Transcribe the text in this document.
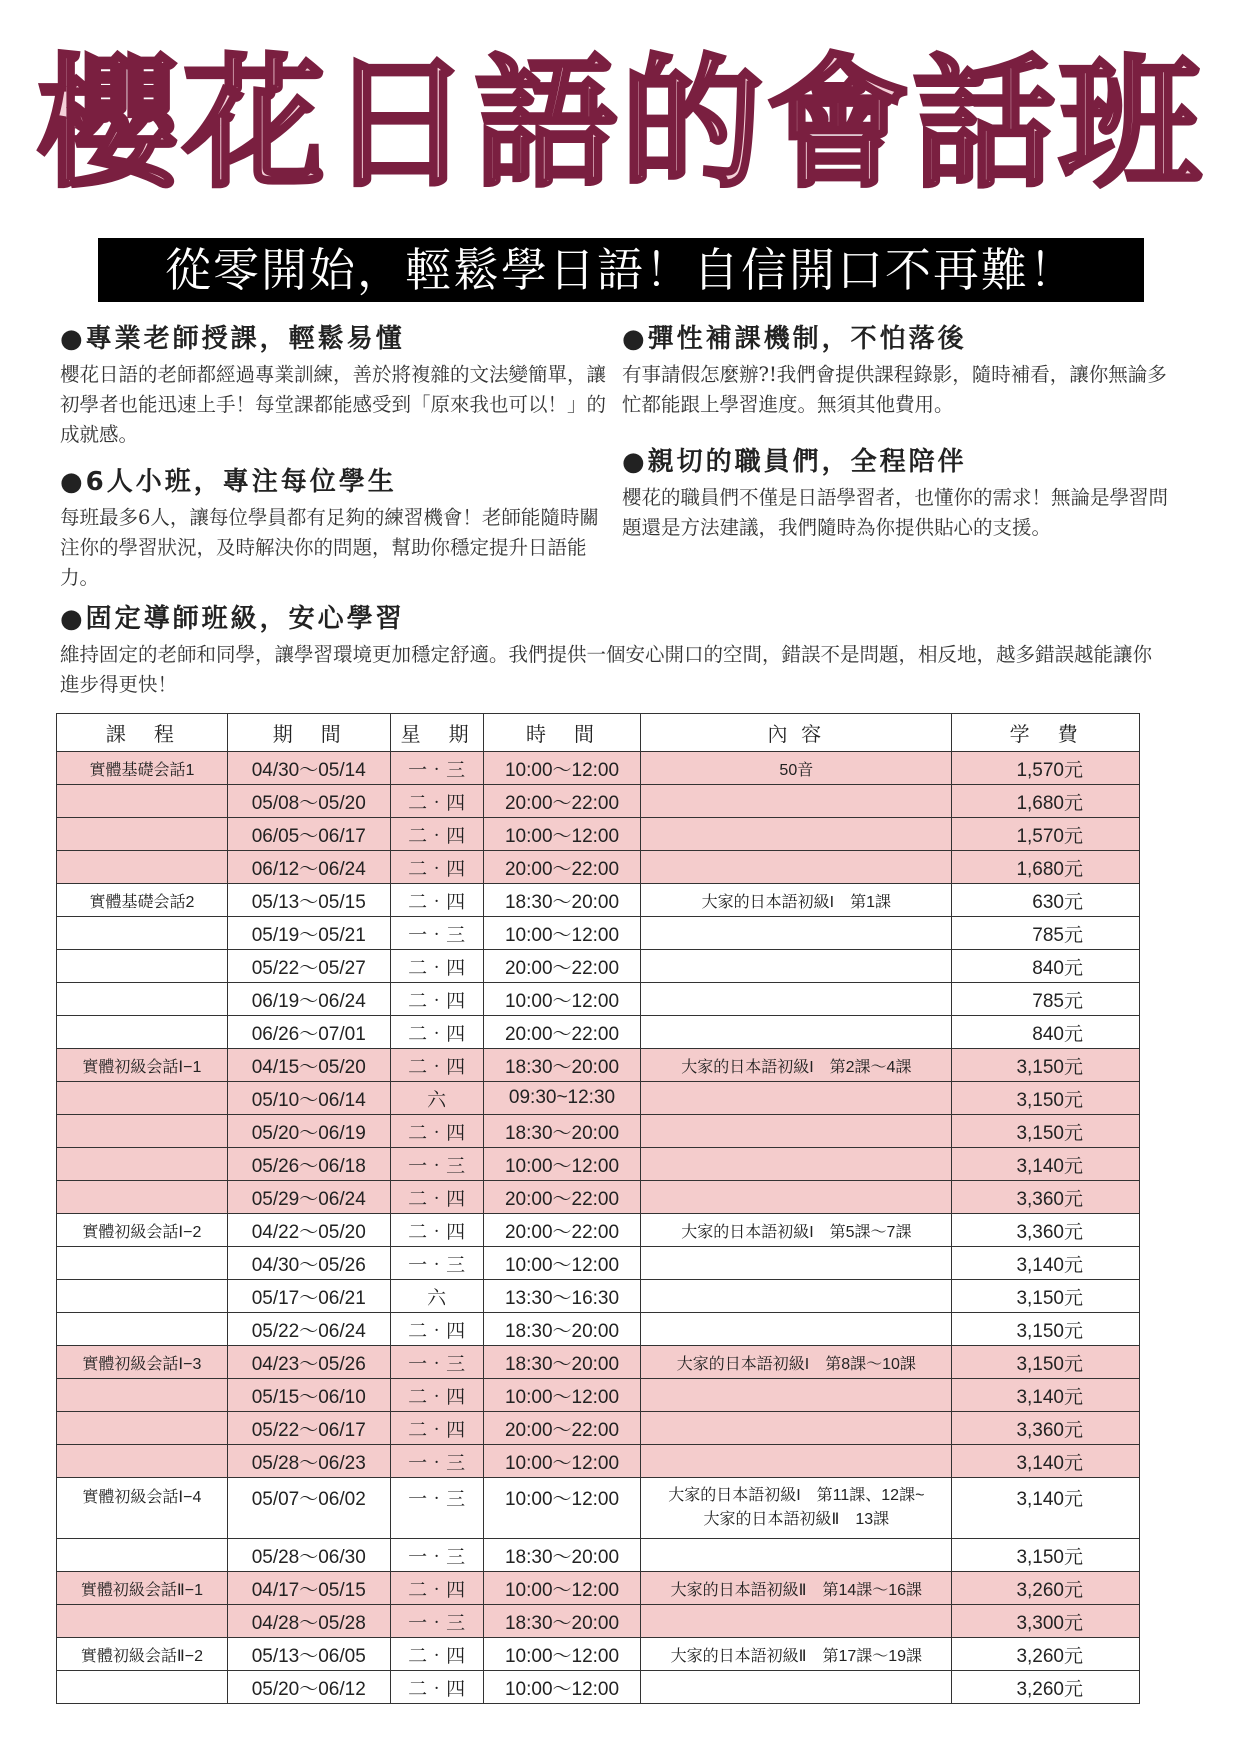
櫻花日語的會話班
從零開始，輕鬆學日語！自信開口不再難！
●專業老師授課，輕鬆易懂

櫻花日語的老師都經過專業訓練，善於將複雜的文法變簡單，讓初學者也能迅速上手！每堂課都能感受到「原來我也可以！」的成就感。

●6人小班，專注每位學生

每班最多6人，讓每位學員都有足夠的練習機會！老師能隨時關注你的學習狀況，及時解決你的問題，幫助你穩定提升日語能力。

●彈性補課機制，不怕落後

有事請假怎麼辦?!我們會提供課程錄影，隨時補看，讓你無論多忙都能跟上學習進度。無須其他費用。

●親切的職員們，全程陪伴

櫻花的職員們不僅是日語學習者，也懂你的需求！無論是學習問題還是方法建議，我們隨時為你提供貼心的支援。

●固定導師班級，安心學習

維持固定的老師和同學，讓學習環境更加穩定舒適。我們提供一個安心開口的空間，錯誤不是問題，相反地，越多錯誤越能讓你進步得更快！

課　程	期　間	星　期	時　間	內 容	学　費
實體基礎会話1	04/30～05/14	一‧三	10:00～12:00	50音	1,570元
	05/08～05/20	二‧四	20:00～22:00		1,680元
	06/05～06/17	二‧四	10:00～12:00		1,570元
	06/12～06/24	二‧四	20:00～22:00		1,680元
實體基礎会話2	05/13～05/15	二‧四	18:30～20:00	大家的日本語初級I　第1課	630元
	05/19～05/21	一‧三	10:00～12:00		785元
	05/22～05/27	二‧四	20:00～22:00		840元
	06/19～06/24	二‧四	10:00～12:00		785元
	06/26～07/01	二‧四	20:00～22:00		840元
實體初級会話Ⅰ−1	04/15～05/20	二‧四	18:30～20:00	大家的日本語初級I　第2課～4課	3,150元
	05/10～06/14	六	09:30~12:30		3,150元
	05/20～06/19	二‧四	18:30～20:00		3,150元
	05/26～06/18	一‧三	10:00～12:00		3,140元
	05/29～06/24	二‧四	20:00～22:00		3,360元
實體初級会話Ⅰ−2	04/22～05/20	二‧四	20:00～22:00	大家的日本語初級I　第5課～7課	3,360元
	04/30～05/26	一‧三	10:00～12:00		3,140元
	05/17～06/21	六	13:30～16:30		3,150元
	05/22～06/24	二‧四	18:30～20:00		3,150元
實體初級会話Ⅰ−3	04/23～05/26	一‧三	18:30～20:00	大家的日本語初級I　第8課～10課	3,150元
	05/15～06/10	二‧四	10:00～12:00		3,140元
	05/22～06/17	二‧四	20:00～22:00		3,360元
	05/28～06/23	一‧三	10:00～12:00		3,140元
實體初級会話Ⅰ−4	05/07～06/02	一‧三	10:00～12:00	大家的日本語初級I　第11課、12課~
大家的日本語初級Ⅱ　13課	3,140元
	05/28～06/30	一‧三	18:30～20:00		3,150元
實體初級会話Ⅱ−1	04/17～05/15	二‧四	10:00～12:00	大家的日本語初級Ⅱ　第14課～16課	3,260元
	04/28～05/28	一‧三	18:30～20:00		3,300元
實體初級会話Ⅱ−2	05/13～06/05	二‧四	10:00～12:00	大家的日本語初級Ⅱ　第17課～19課	3,260元
	05/20～06/12	二‧四	10:00～12:00		3,260元
